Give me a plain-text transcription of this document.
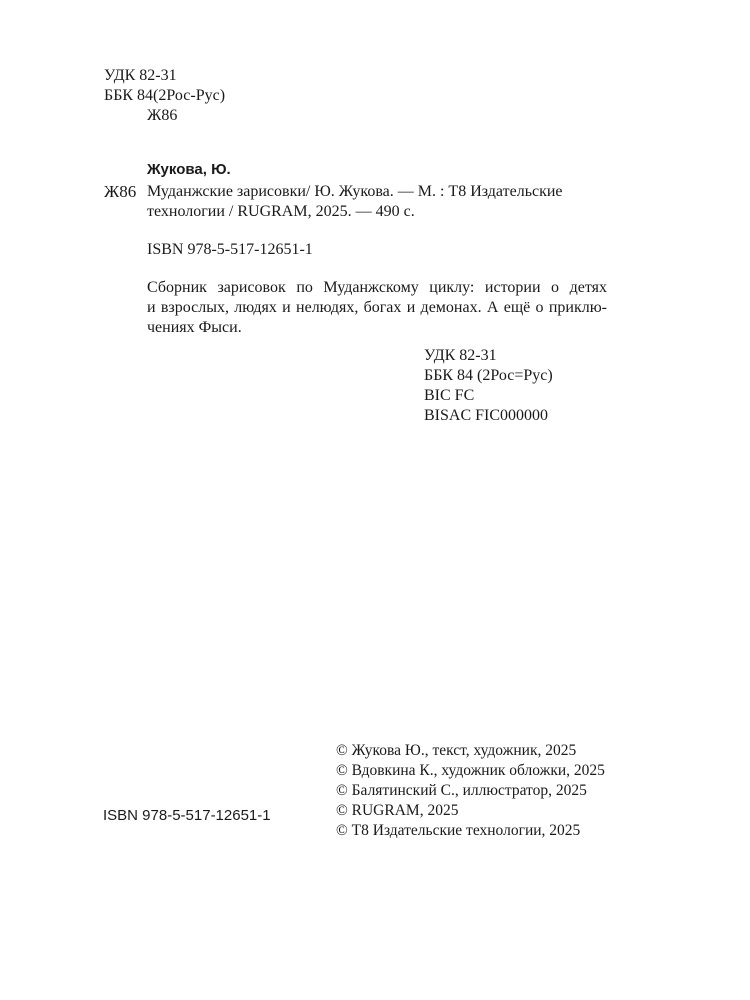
УДК 82-31
ББК 84(2Рос-Рус)
Ж86
Жукова, Ю.
Ж86 Муданжские зарисовки/ Ю. Жукова. — М. : Т8 Издательские
технологии / RUGRAM, 2025. — 490 с.
ISBN 978-5-517-12651-1
Сборник зарисовок по Муданжскому циклу: истории о детях
и взрослых, людях и нелюдях, богах и демонах. А ещё о приклю-
чениях Фыси.
УДК 82-31
ББК 84 (2Рос=Рус)
BIC FC
BISAC FIC000000
© Жукова Ю., текст, художник, 2025
© Вдовкина К., художник обложки, 2025
© Балятинский С., иллюстратор, 2025
© RUGRAM, 2025
© Т8 Издательские технологии, 2025
ISBN 978-5-517-12651-1
